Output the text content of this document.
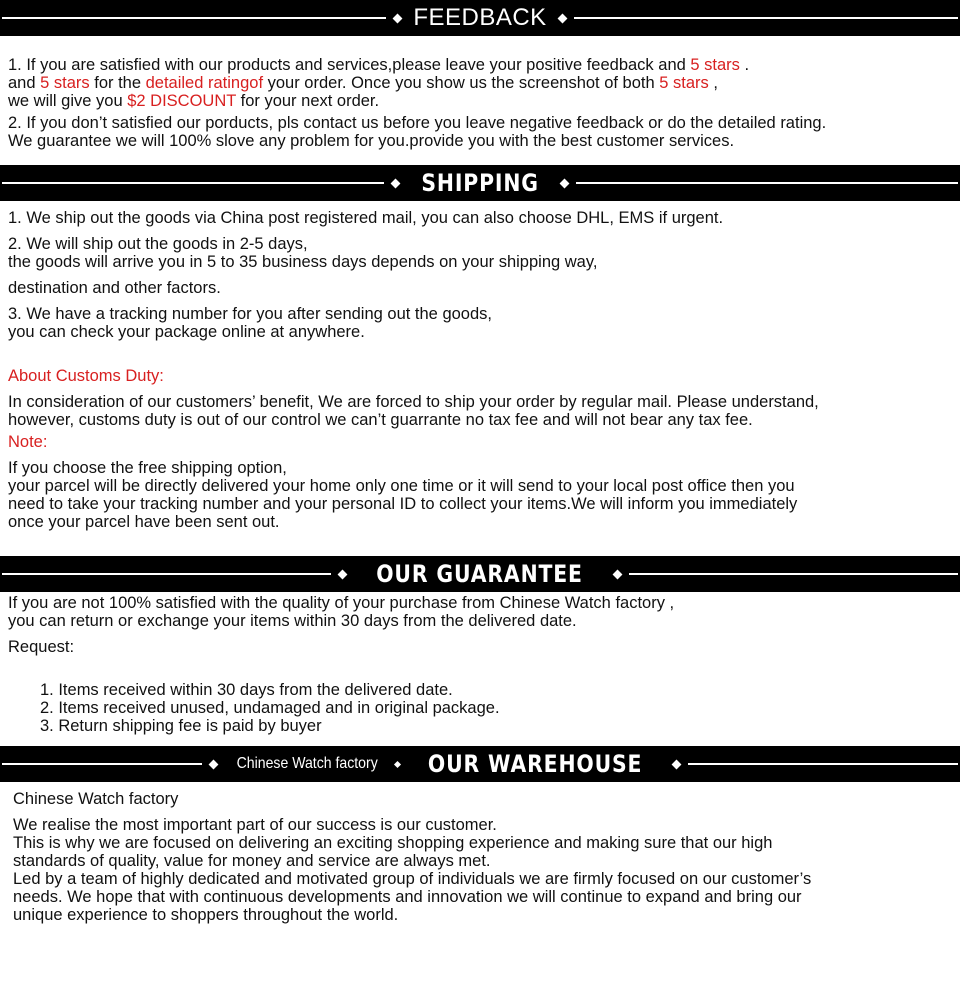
FEEDBACK

1. If you are satisfied with our products and services,please leave your positive feedback and 5 stars .

and 5 stars for the detailed ratingof your order. Once you show us the screenshot of both 5 stars ,

we will give you $2 DISCOUNT for your next order.

2. If you don’t satisfied our porducts, pls contact us before you leave negative feedback or do the detailed rating.

We guarantee we will 100% slove any problem for you.provide you with the best customer services.

SHIPPING

1. We ship out the goods via China post registered mail, you can also choose DHL, EMS if urgent.

2. We will ship out the goods in 2-5 days,

the goods will arrive you in 5 to 35 business days depends on your shipping way,

destination and other factors.

3. We have a tracking number for you after sending out the goods,

you can check your package online at anywhere.

About Customs Duty:

In consideration of our customers’ benefit, We are forced to ship your order by regular mail. Please understand,

however, customs duty is out of our control we can’t guarrante no tax fee and will not bear any tax fee.

Note:

If you choose the free shipping option,

your parcel will be directly delivered your home only one time or it will send to your local post office then you

need to take your tracking number and your personal ID to collect your items.We will inform you immediately

once your parcel have been sent out.

OUR GUARANTEE

If you are not 100% satisfied with the quality of your purchase from Chinese Watch factory ,

you can return or exchange your items within 30 days from the delivered date.

Request:

1. Items received within 30 days from the delivered date.

2. Items received unused, undamaged and in original package.

3. Return shipping fee is paid by buyer

Chinese Watch factory OUR WAREHOUSE

Chinese Watch factory

We realise the most important part of our success is our customer.

This is why we are focused on delivering an exciting shopping experience and making sure that our high

standards of quality, value for money and service are always met.

Led by a team of highly dedicated and motivated group of individuals we are firmly focused on our customer’s

needs. We hope that with continuous developments and innovation we will continue to expand and bring our

unique experience to shoppers throughout the world.
